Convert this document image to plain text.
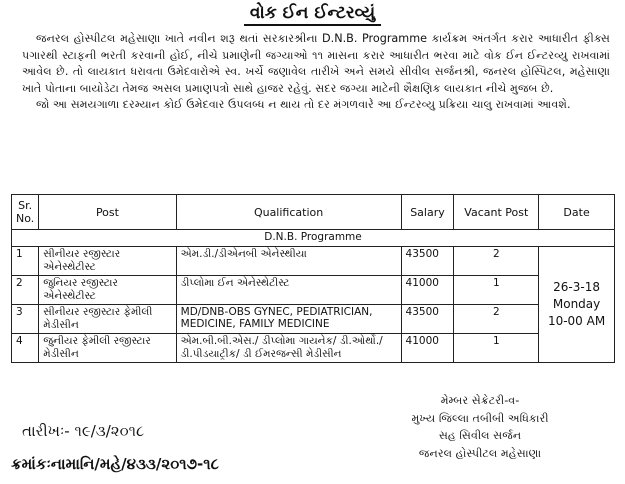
વોક ઈન ઈન્ટરવ્યું

જનરલ હોસ્પીટલ મહેસાણા ખાતે નવીન શરૂ થતાં સરકારશ્રીના D.N.B. Programme કાર્યક્રમ અંતર્ગત કરાર આધારીત ફીક્સ પગારથી સ્ટાફની ભરતી કરવાની હોઈ, નીચે પ્રમાણેની જગ્યાઓ ૧૧ માસના કરાર આધારીત ભરવા માટે વોક ઈન ઈન્ટરવ્યુ રાખવામાં આવેલ છે. તો લાયકાત ધરાવતા ઉમેદવારોએ સ્વ. ખર્ચે જણાવેલ તારીખે અને સમયે સીવીલ સર્જનશ્રી, જનરલ હોસ્પિટલ, મહેસાણા ખાતે પોતાના બાયોડેટા તેમજ અસલ પ્રમાણપત્રો સાથે હાજર રહેવું. સદર જગ્યા માટેની શૈક્ષણિક લાયકાત નીચે મુજબ છે.

જો આ સમયગાળા દરમ્યાન કોઈ ઉમેદવાર ઉપલબ્ધ ન થાય તો દર મંગળવારે આ ઈન્ટરવ્યુ પ્રક્રિયા ચાલુ રાખવામાં આવશે.

Sr. No.	Post	Qualification	Salary	Vacant Post	Date
D.N.B. Programme					
1	સીનીયર રજીસ્ટાર એનેસ્થેટીસ્ટ	એમ.ડી./ડીએનબી એનેસ્થીયા	43500	2	26-3-18
Monday
10-00 AM

2	જુનિયર રજીસ્ટાર એનેસ્થેટીસ્ટ	ડીપ્લોમા ઈન એનેસ્થેટીસ્ટ	41000	1	
3	સીનીયર રજીસ્ટાર ફેમીલી મેડીસીન	MD/DNB-OBS GYNEC, PEDIATRICIAN, MEDICINE, FAMILY MEDICINE	43500	2	
4	જુનીયર ફેમીલી રજીસ્ટાર મેડીસીન	એમ.બી.બી.એસ./ ડીપ્લોમા ગાયનેક/ ડી.ઓર્થો./ ડી.પીડયાટ્રીક/ ડી ઈમરજન્સી મેડીસીન	41000	1	
મેમ્બર સેક્રેટરી-વ-
મુખ્ય જિલ્લા તબીબી અધિકારી
સહ સિવીલ સર્જન
જનરલ હોસ્પીટલ મહેસાણા
તારીખઃ- ૧૯/૩/૨૦૧૮
ક્રમાંકઃનામાનિ/મહે/૪૩૩/૨૦૧૭-૧૮
